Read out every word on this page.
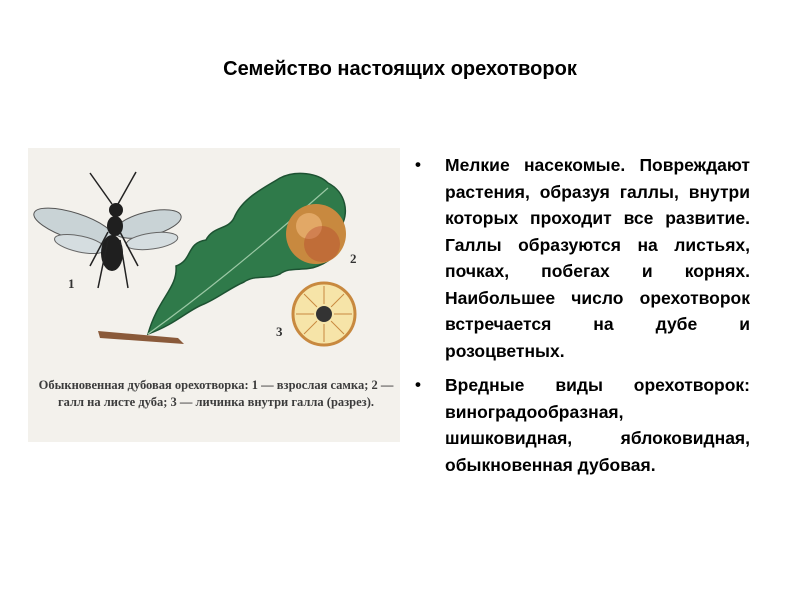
Семейство настоящих орехотворок
1
2
3
Обыкновенная дубовая орехотворка: 1 — взрослая самка; 2 — галл на листе дуба; 3 — личинка внутри галла (разрез).
• Мелкие насекомые. Повреждают растения, образуя галлы, внутри которых проходит все развитие. Галлы образуются на листьях, почках, побегах и корнях. Наибольшее число орехотворок встречается на дубе и розоцветных.
• Вредные виды орехотворок: виноградообразная, шишковидная, яблоковидная, обыкновенная дубовая.
